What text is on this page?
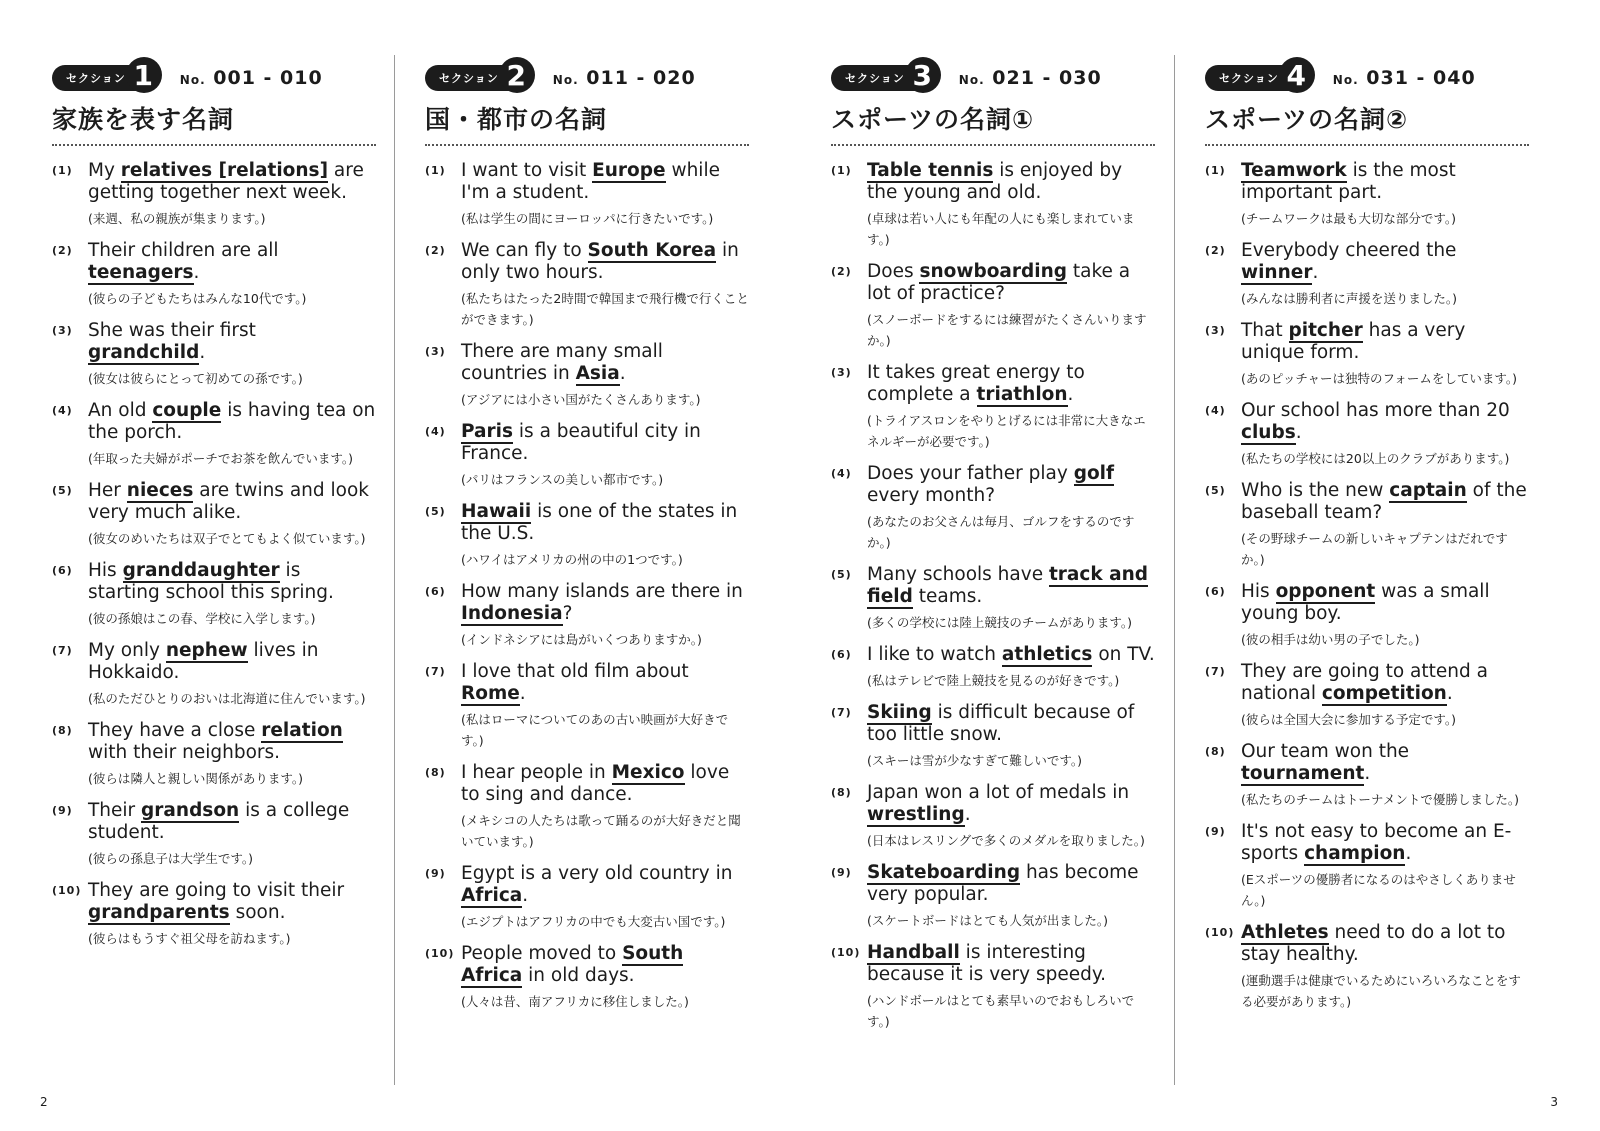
セクション 1	No. 001 - 010
家族を表す名詞
(1) My relatives [relations] are getting together next week.
(来週、私の親族が集まります。)
(2) Their children are all teenagers.
(彼らの子どもたちはみんな10代です。)
(3) She was their first grandchild.
(彼女は彼らにとって初めての孫です。)
(4) An old couple is having tea on the porch.
(年取った夫婦がポーチでお茶を飲んでいます。)
(5) Her nieces are twins and look very much alike.
(彼女のめいたちは双子でとてもよく似ています。)
(6) His granddaughter is starting school this spring.
(彼の孫娘はこの春、学校に入学します。)
(7) My only nephew lives in Hokkaido.
(私のただひとりのおいは北海道に住んでいます。)
(8) They have a close relation with their neighbors.
(彼らは隣人と親しい関係があります。)
(9) Their grandson is a college student.
(彼らの孫息子は大学生です。)
(10) They are going to visit their grandparents soon.
(彼らはもうすぐ祖父母を訪ねます。)
セクション 2	No. 011 - 020
国・都市の名詞
(1) I want to visit Europe while I'm a student.
(私は学生の間にヨーロッパに行きたいです。)
(2) We can fly to South Korea in only two hours.
(私たちはたった2時間で韓国まで飛行機で行くことができます。)
(3) There are many small countries in Asia.
(アジアには小さい国がたくさんあります。)
(4) Paris is a beautiful city in France.
(パリはフランスの美しい都市です。)
(5) Hawaii is one of the states in the U.S.
(ハワイはアメリカの州の中の1つです。)
(6) How many islands are there in Indonesia?
(インドネシアには島がいくつありますか。)
(7) I love that old film about Rome.
(私はローマについてのあの古い映画が大好きです。)
(8) I hear people in Mexico love to sing and dance.
(メキシコの人たちは歌って踊るのが大好きだと聞いています。)
(9) Egypt is a very old country in Africa.
(エジプトはアフリカの中でも大変古い国です。)
(10) People moved to South Africa in old days.
(人々は昔、南アフリカに移住しました。)
セクション 3	No. 021 - 030
スポーツの名詞①
(1) Table tennis is enjoyed by the young and old.
(卓球は若い人にも年配の人にも楽しまれています。)
(2) Does snowboarding take a lot of practice?
(スノーボードをするには練習がたくさんいりますか。)
(3) It takes great energy to complete a triathlon.
(トライアスロンをやりとげるには非常に大きなエネルギーが必要です。)
(4) Does your father play golf every month?
(あなたのお父さんは毎月、ゴルフをするのですか。)
(5) Many schools have track and field teams.
(多くの学校には陸上競技のチームがあります。)
(6) I like to watch athletics on TV.
(私はテレビで陸上競技を見るのが好きです。)
(7) Skiing is difficult because of too little snow.
(スキーは雪が少なすぎて難しいです。)
(8) Japan won a lot of medals in wrestling.
(日本はレスリングで多くのメダルを取りました。)
(9) Skateboarding has become very popular.
(スケートボードはとても人気が出ました。)
(10) Handball is interesting because it is very speedy.
(ハンドボールはとても素早いのでおもしろいです。)
セクション 4	No. 031 - 040
スポーツの名詞②
(1) Teamwork is the most important part.
(チームワークは最も大切な部分です。)
(2) Everybody cheered the winner.
(みんなは勝利者に声援を送りました。)
(3) That pitcher has a very unique form.
(あのピッチャーは独特のフォームをしています。)
(4) Our school has more than 20 clubs.
(私たちの学校には20以上のクラブがあります。)
(5) Who is the new captain of the baseball team?
(その野球チームの新しいキャプテンはだれですか。)
(6) His opponent was a small young boy.
(彼の相手は幼い男の子でした。)
(7) They are going to attend a national competition.
(彼らは全国大会に参加する予定です。)
(8) Our team won the tournament.
(私たちのチームはトーナメントで優勝しました。)
(9) It's not easy to become an E-sports champion.
(Eスポーツの優勝者になるのはやさしくありません。)
(10) Athletes need to do a lot to stay healthy.
(運動選手は健康でいるためにいろいろなことをする必要があります。)
2	3
